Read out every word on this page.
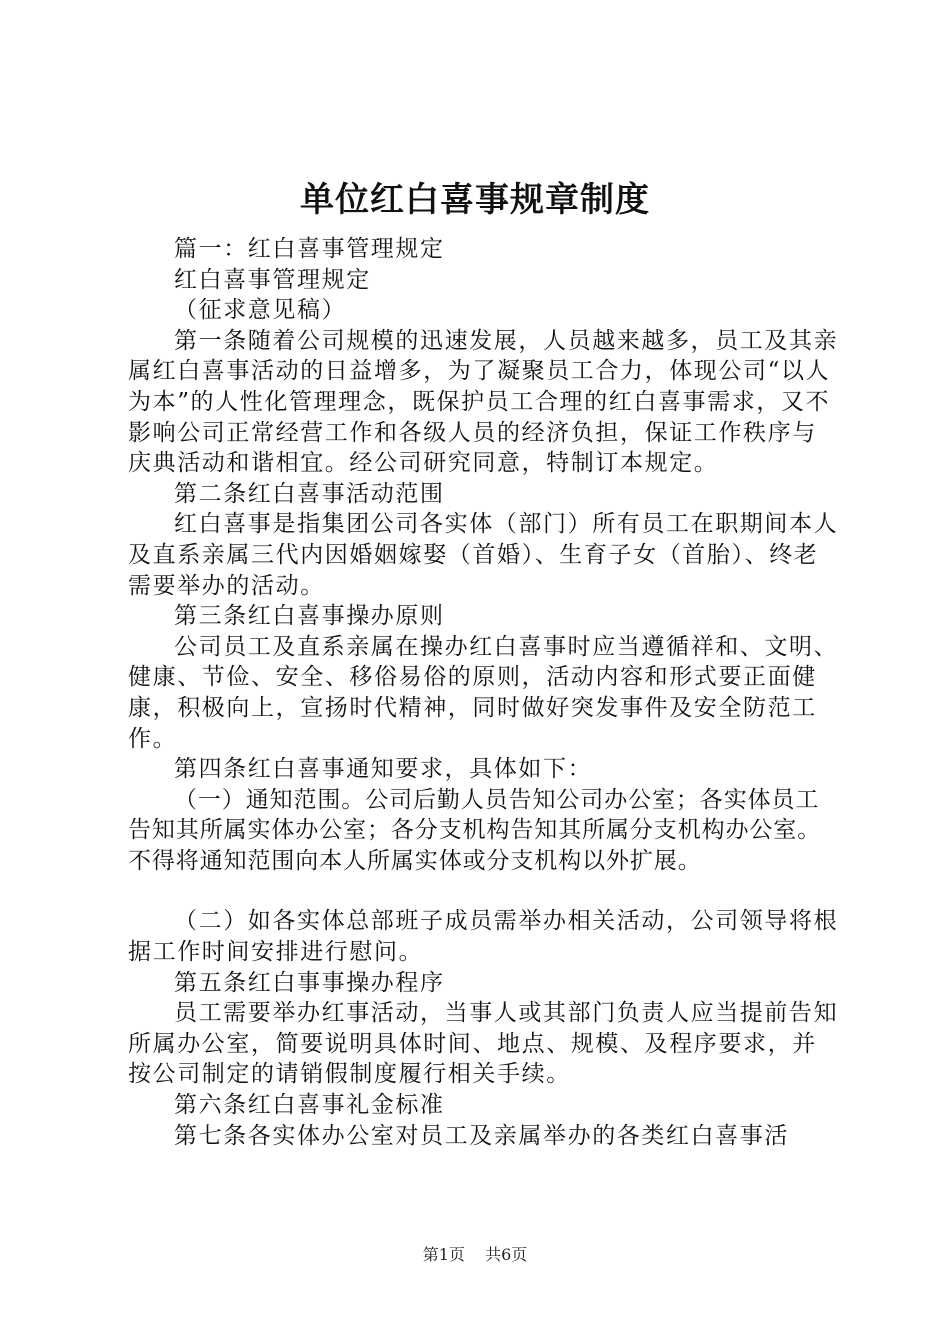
单位红白喜事规章制度

篇一：红白喜事管理规定

红白喜事管理规定

（征求意见稿）

第一条随着公司规模的迅速发展，人员越来越多，员工及其亲属红白喜事活动的日益增多，为了凝聚员工合力，体现公司“以人为本”的人性化管理理念，既保护员工合理的红白喜事需求，又不影响公司正常经营工作和各级人员的经济负担，保证工作秩序与庆典活动和谐相宜。经公司研究同意，特制订本规定。

第二条红白喜事活动范围

红白喜事是指集团公司各实体（部门）所有员工在职期间本人及直系亲属三代内因婚姻嫁娶（首婚）、生育子女（首胎）、终老需要举办的活动。

第三条红白喜事操办原则

公司员工及直系亲属在操办红白喜事时应当遵循祥和、文明、健康、节俭、安全、移俗易俗的原则，活动内容和形式要正面健康，积极向上，宣扬时代精神，同时做好突发事件及安全防范工作。

第四条红白喜事通知要求，具体如下：

（一）通知范围。公司后勤人员告知公司办公室；各实体员工告知其所属实体办公室；各分支机构告知其所属分支机构办公室。不得将通知范围向本人所属实体或分支机构以外扩展。

（二）如各实体总部班子成员需举办相关活动，公司领导将根据工作时间安排进行慰问。

第五条红白事事操办程序

员工需要举办红事活动，当事人或其部门负责人应当提前告知所属办公室，简要说明具体时间、地点、规模、及程序要求，并按公司制定的请销假制度履行相关手续。

第六条红白喜事礼金标准

第七条各实体办公室对员工及亲属举办的各类红白喜事活

第1页 共6页
